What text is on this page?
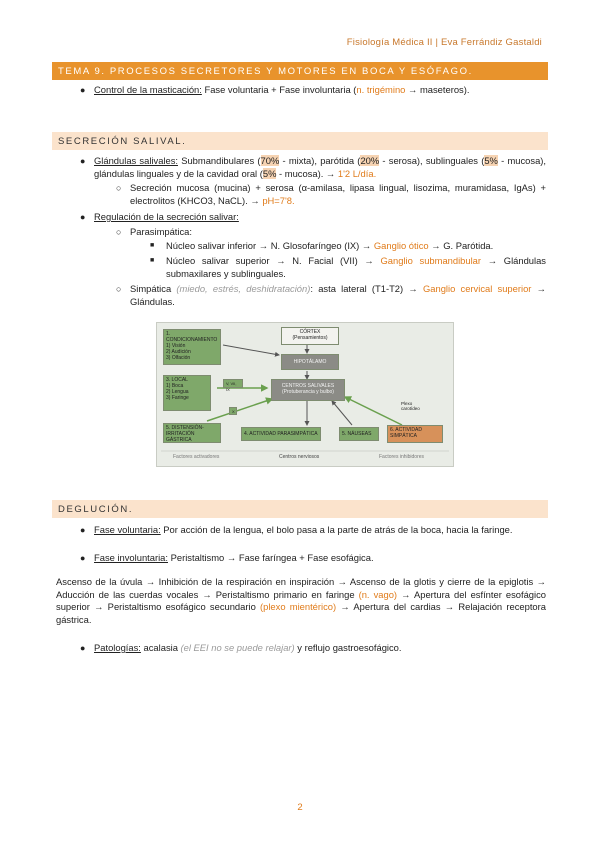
Fisiología Médica II | Eva Ferrándiz Gastaldi
TEMA 9. PROCESOS SECRETORES Y MOTORES EN BOCA Y ESÓFAGO.
● Control de la masticación: Fase voluntaria + Fase involuntaria (n. trigémino → maseteros).
SECRECIÓN SALIVAL.
● Glándulas salivales: Submandibulares (70% - mixta), parótida (20% - serosa), sublinguales (5% - mucosa), glándulas linguales y de la cavidad oral (5% - mucosa). → 1'2 L/día.
○ Secreción mucosa (mucina) + serosa (α-amilasa, lipasa lingual, lisozima, muramidasa, IgAs) + electrolitos (KHCO3, NaCL). → pH=7'8.
● Regulación de la secreción salivar:
○ Parasimpática:
■ Núcleo salivar inferior → N. Glosofaríngeo (IX) → Ganglio ótico → G. Parótida.
■ Núcleo salivar superior → N. Facial (VII) → Ganglio submandibular → Glándulas submaxilares y sublinguales.
○ Simpática (miedo, estrés, deshidratación): asta lateral (T1-T2) → Ganglio cervical superior → Glándulas.
1. CONDICIONAMIENTO
1) Visión
2) Audición
3) Olfación
CÓRTEX
(Pensamientos)
HIPOTÁLAMO
3. LOCAL
1) Boca
2) Lengua
3) Faringe
V, VII, IX
X
CENTROS SALIVALES
(Protuberancia y bulbo)
Plexo carotídeo
5. DISTENSIÓN-IRRITACIÓN GÁSTRICA
4. ACTIVIDAD PARASIMPÁTICA	5. NÁUSEAS
6. ACTIVIDAD SIMPÁTICA
Factores activadores	Centros nerviosos	Factores inhibidores
DEGLUCIÓN.
● Fase voluntaria: Por acción de la lengua, el bolo pasa a la parte de atrás de la boca, hacia la faringe.
● Fase involuntaria: Peristaltismo → Fase faríngea + Fase esofágica.
Ascenso de la úvula → Inhibición de la respiración en inspiración → Ascenso de la glotis y cierre de la epiglotis → Aducción de las cuerdas vocales → Peristaltismo primario en faringe (n. vago) → Apertura del esfínter esofágico superior → Peristaltismo esofágico secundario (plexo mientérico) → Apertura del cardias → Relajación receptora gástrica.
● Patologías: acalasia (el EEI no se puede relajar) y reflujo gastroesofágico.
2
